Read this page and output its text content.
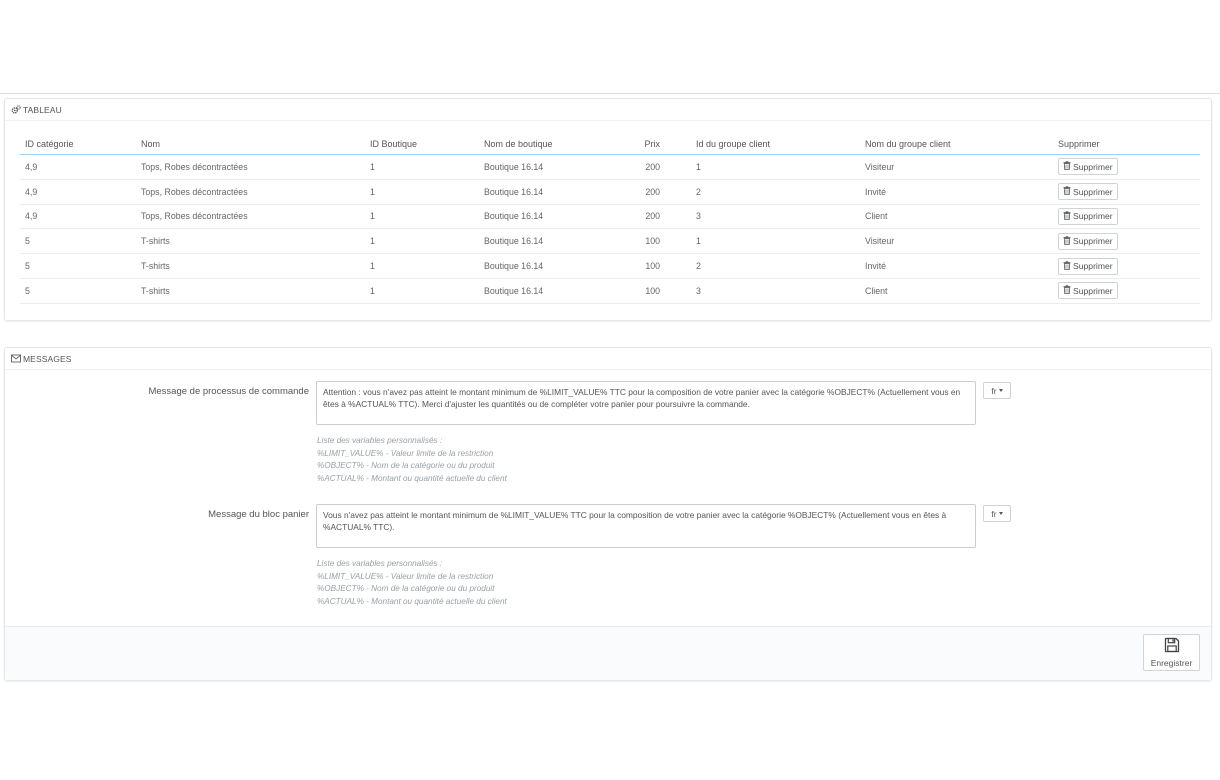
TABLEAU
ID catégorie	Nom	ID Boutique	Nom de boutique	Prix	Id du groupe client	Nom du groupe client	Supprimer
4,9	Tops, Robes décontractées	1	Boutique 16.14	200	1	Visiteur	Supprimer
4,9	Tops, Robes décontractées	1	Boutique 16.14	200	2	Invité	Supprimer
4,9	Tops, Robes décontractées	1	Boutique 16.14	200	3	Client	Supprimer
5	T-shirts	1	Boutique 16.14	100	1	Visiteur	Supprimer
5	T-shirts	1	Boutique 16.14	100	2	Invité	Supprimer
5	T-shirts	1	Boutique 16.14	100	3	Client	Supprimer
MESSAGES
Message de processus de commande	Attention : vous n'avez pas atteint le montant minimum de %LIMIT_VALUE% TTC pour la composition de votre panier avec la catégorie %OBJECT% (Actuellement vous en êtes à %ACTUAL% TTC). Merci d'ajuster les quantités ou de compléter votre panier pour poursuivre la commande.
fr
Liste des variables personnalisés :
%LIMIT_VALUE% - Valeur limite de la restriction
%OBJECT% - Nom de la catégorie ou du produit
%ACTUAL% - Montant ou quantité actuelle du client
Message du bloc panier	Vous n'avez pas atteint le montant minimum de %LIMIT_VALUE% TTC pour la composition de votre panier avec la catégorie %OBJECT% (Actuellement vous en êtes à %ACTUAL% TTC).
fr
Liste des variables personnalisés :
%LIMIT_VALUE% - Valeur limite de la restriction
%OBJECT% - Nom de la catégorie ou du produit
%ACTUAL% - Montant ou quantité actuelle du client
Enregistrer
